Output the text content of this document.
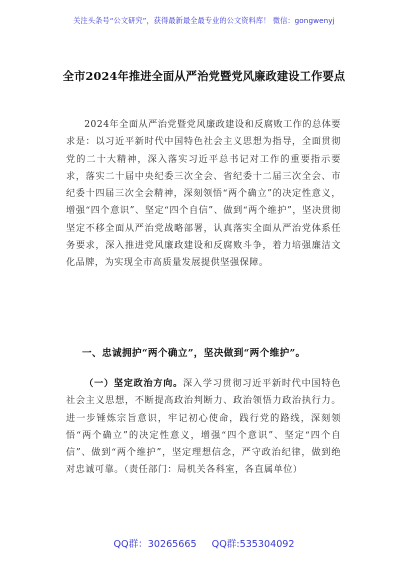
关注头条号“公文研究”，获得最新最全最专业的公文资料库！ 微信：gongwenyj
全市2024年推进全面从严治党暨党风廉政建设工作要点

2024年全面从严治党暨党风廉政建设和反腐败工作的总体要求是：以习近平新时代中国特色社会主义思想为指导，全面贯彻党的二十大精神，深入落实习近平总书记对工作的重要指示要求，落实二十届中央纪委三次全会、省纪委十二届三次全会、市纪委十四届三次全会精神，深刻领悟“两个确立”的决定性意义，增强“四个意识”、坚定“四个自信”、做到“两个维护”，坚决贯彻坚定不移全面从严治党战略部署，认真落实全面从严治党体系任务要求，深入推进党风廉政建设和反腐败斗争，着力培强廉洁文化品牌，为实现全市高质量发展提供坚强保障。

一、忠诚拥护“两个确立”，坚决做到“两个维护”。

（一）坚定政治方向。深入学习贯彻习近平新时代中国特色社会主义思想，不断提高政治判断力、政治领悟力政治执行力。进一步锤炼宗旨意识，牢记初心使命，践行党的路线，深刻领悟“两个确立”的决定性意义，增强“四个意识”、坚定“四个自信”、做到“两个维护”，坚定理想信念，严守政治纪律，做到绝对忠诚可靠。（责任部门：局机关各科室，各直属单位）

QQ群：30265665 QQ群:535304092
